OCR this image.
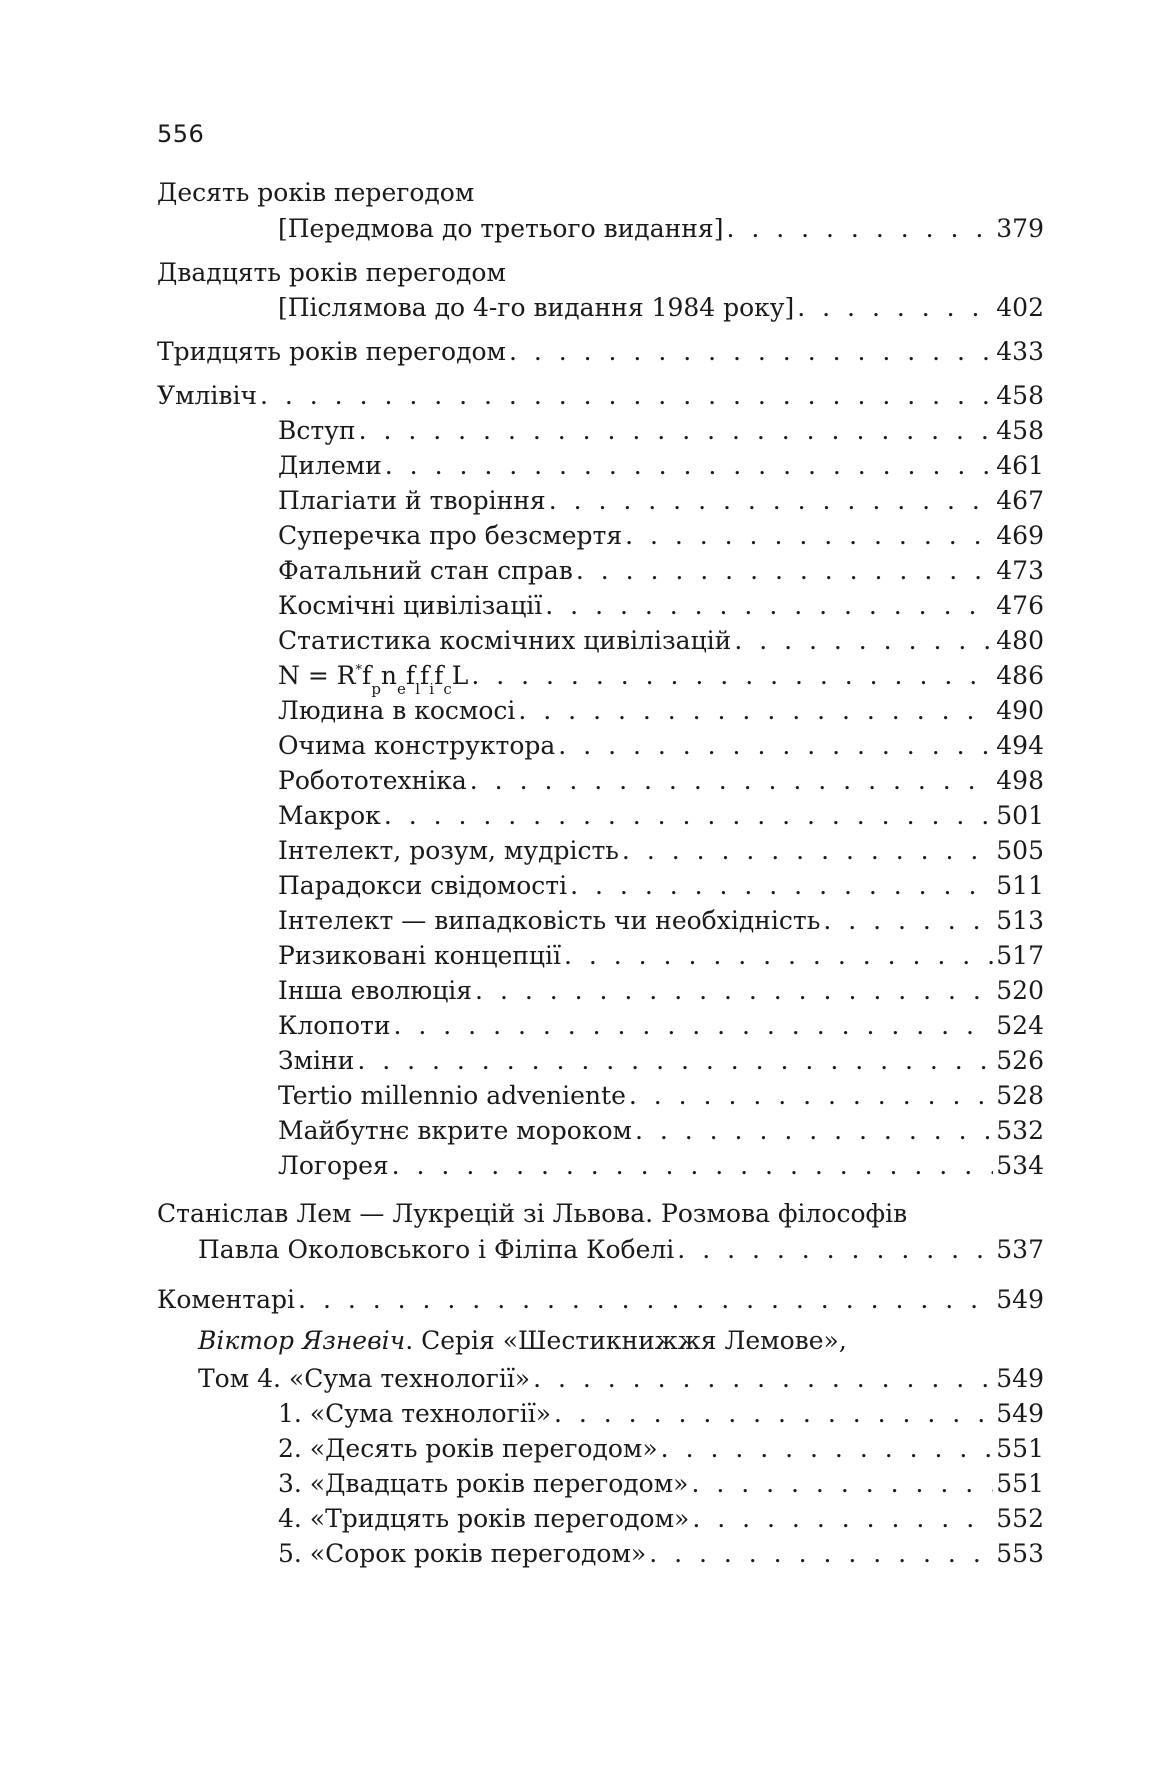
556
Десять років перегодом
[Передмова до третього видання] . . .	379
Двадцять років перегодом
[Післямова до 4-го видання 1984 року] . . .	402
Тридцять років перегодом . . .	433
Умлівіч . . .	458
Вступ . . .	458
Дилеми . . .	461
Плагіати й творіння . . .	467
Суперечка про безсмертя . . .	469
Фатальний стан справ . . .	473
Космічні цивілізації . . .	476
Статистика космічних цивілізацій . . .	480
$N = R^*f_pn_ef_lf_if_cL$ . . .	486
Людина в космосі . . .	490
Очима конструктора . . .	494
Робототехніка . . .	498
Макрок . . .	501
Інтелект, розум, мудрість . . .	505
Парадокси свідомості . . .	511
Інтелект — випадковість чи необхідність . . .	513
Ризиковані концепції . . .	517
Інша еволюція . . .	520
Клопоти . . .	524
Зміни . . .	526
Tertio millennio adveniente . . .	528
Майбутнє вкрите мороком . . .	532
Логорея . . .	534
Станіслав Лем — Лукрецій зі Львова. Розмова філософів
Павла Околовського і Філіпа Кобелі . . .	537
Коментарі . . .	549
Віктор Язневіч. Серія «Шестикнижжя Лемове»,
Том 4. «Сума технології» . . .	549
1. «Сума технології» . . .	549
2. «Десять років перегодом» . . .	551
3. «Двадцать років перегодом» . . .	551
4. «Тридцять років перегодом» . . .	552
5. «Сорок років перегодом» . . .	553
